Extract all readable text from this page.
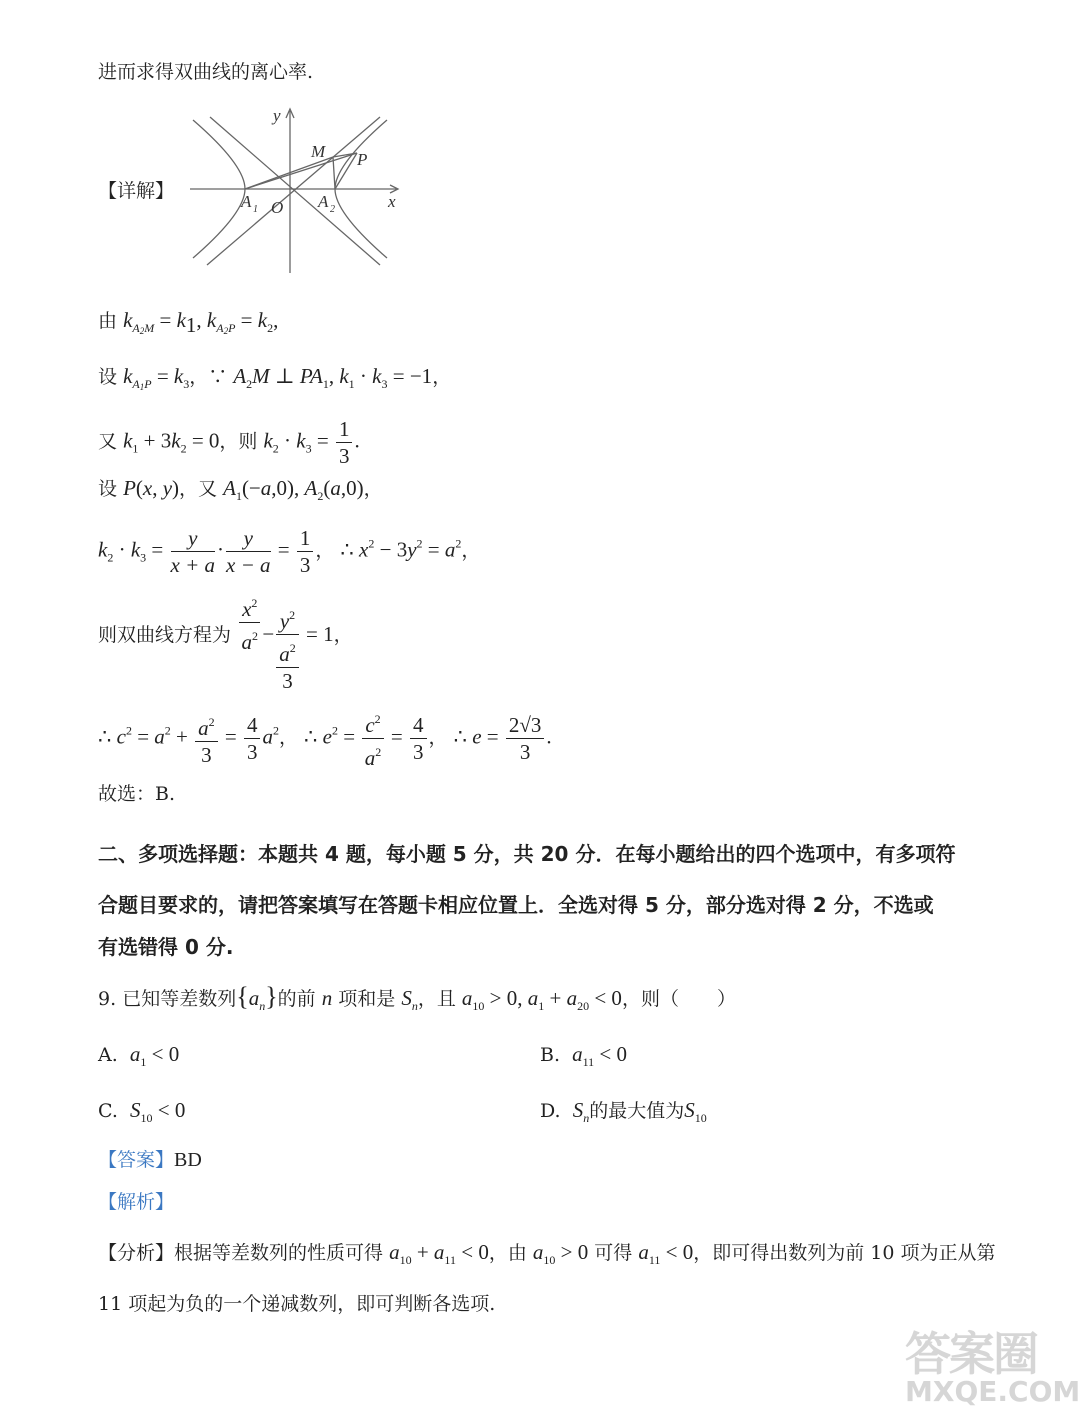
进而求得双曲线的离心率.
【详解】
y
x
O
M P
A 1	A 2
由 $k_{A_2M} = k_1$, $k_{A_2P} = k_2$,
设 $k_{A_1P} = k_3$，∵ $A_2M$ ⊥ $PA_1$, $k_1 \cdot k_3 = -1$，
又 $k_1 + 3k_2 = 0$，则 $k_2 \cdot k_3 = \frac{1}{3}$ .
设 P(x, y)，又 $A_1(-a,0)$, $A_2(a,0)$，
$k_2 \cdot k_3 = \frac{y}{x + a} \cdot \frac{y}{x - a} = \frac{1}{3}$ ， ∴ $x^2 - 3y^2 = a^2$，
则双曲线方程为 $\frac{x^2}{a^2} - \frac{y^2}{\frac{a^2}{3}} = 1$，
∴ $c^2 = a^2 + \frac{a^2}{3} = \frac{4}{3} a^2$， ∴ $e^2 = \frac{c^2}{a^2} = \frac{4}{3}$ ， ∴ $e = \frac{2√3}{3}$ .
故选：B.
二、多项选择题：本题共 4 题，每小题 5 分，共 20 分．在每小题给出的四个选项中，有多项符
合题目要求的，请把答案填写在答题卡相应位置上．全选对得 5 分，部分选对得 2 分，不选或
有选错得 0 分.
9. 已知等差数列$\{a_n\}$的前 n 项和是 $S_n$，且 $a_{10} > 0$, $a_1 + a_{20} < 0$，则（　　）
A. $a_1 < 0$	B. $a_{11} < 0$
C. $S_{10} < 0$	D. $S_n$的最大值为$S_{10}$
【答案】BD
【解析】
【分析】根据等差数列的性质可得 $a_{10} + a_{11} < 0$，由 $a_{10} > 0$ 可得 $a_{11} < 0$，即可得出数列为前 10 项为正从第
11 项起为负的一个递减数列，即可判断各选项.
答案圈
MXQE.COM
